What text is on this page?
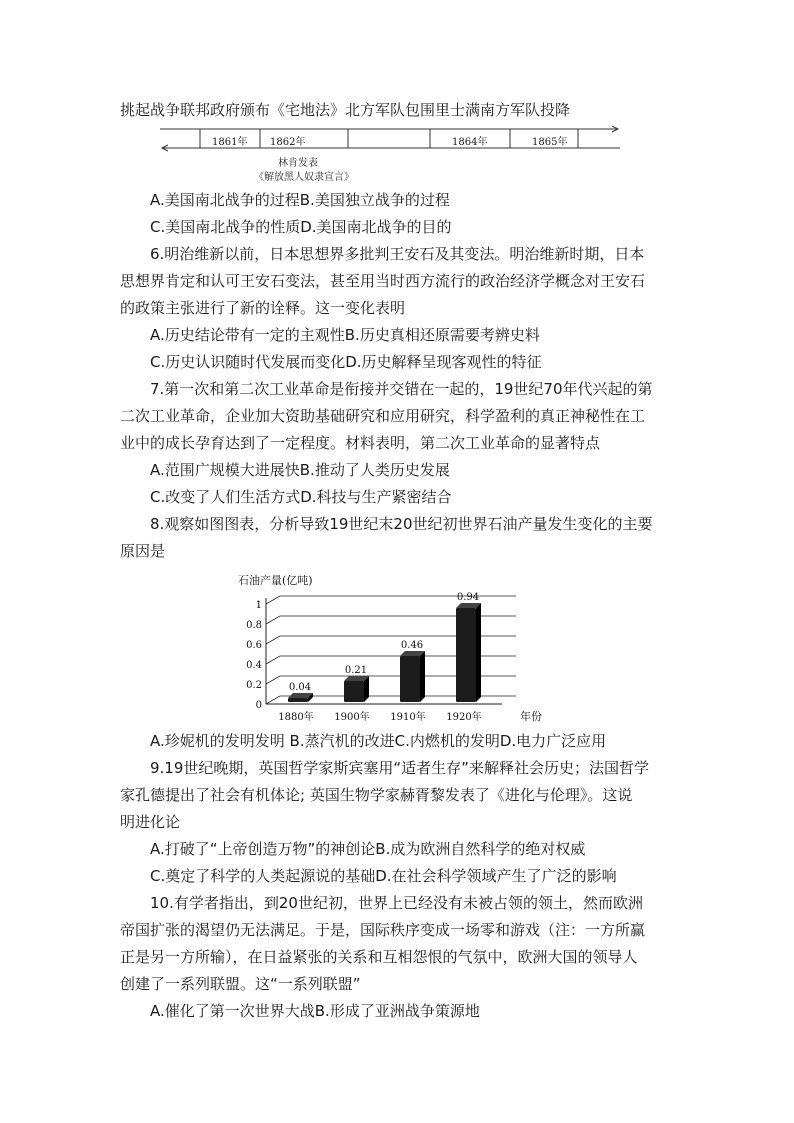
挑起战争联邦政府颁布《宅地法》北方军队包围里士满南方军队投降
1861年 1862年	1864年	1865年
林肯发表
《解放黑人奴隶宣言》
A.美国南北战争的过程B.美国独立战争的过程
C.美国南北战争的性质D.美国南北战争的目的
6.明治维新以前，日本思想界多批判王安石及其变法。明治维新时期，日本
思想界肯定和认可王安石变法，甚至用当时西方流行的政治经济学概念对王安石
的政策主张进行了新的诠释。这一变化表明
A.历史结论带有一定的主观性B.历史真相还原需要考辨史料
C.历史认识随时代发展而变化D.历史解释呈现客观性的特征
7.第一次和第二次工业革命是衔接并交错在一起的，19世纪70年代兴起的第
二次工业革命，企业加大资助基础研究和应用研究，科学盈利的真正神秘性在工
业中的成长孕育达到了一定程度。材料表明，第二次工业革命的显著特点
A.范围广规模大进展快B.推动了人类历史发展
C.改变了人们生活方式D.科技与生产紧密结合
8.观察如图图表，分析导致19世纪末20世纪初世界石油产量发生变化的主要
原因是
石油产量(亿吨)
0
0.2
0.4
0.6
0.8
1
0.04
1880年
0.21
1900年
0.46
1910年
0.94
1920年	年份
A.珍妮机的发明发明 B.蒸汽机的改进C.内燃机的发明D.电力广泛应用
9.19世纪晚期，英国哲学家斯宾塞用“适者生存”来解释社会历史；法国哲学
家孔德提出了社会有机体论; 英国生物学家赫胥黎发表了《进化与伦理》。这说
明进化论
A.打破了“上帝创造万物”的神创论B.成为欧洲自然科学的绝对权威
C.奠定了科学的人类起源说的基础D.在社会科学领域产生了广泛的影响
10.有学者指出，到20世纪初，世界上已经没有未被占领的领土，然而欧洲
帝国扩张的渴望仍无法满足。于是，国际秩序变成一场零和游戏（注：一方所赢
正是另一方所输），在日益紧张的关系和互相怨恨的气氛中，欧洲大国的领导人
创建了一系列联盟。这“一系列联盟”
A.催化了第一次世界大战B.形成了亚洲战争策源地
